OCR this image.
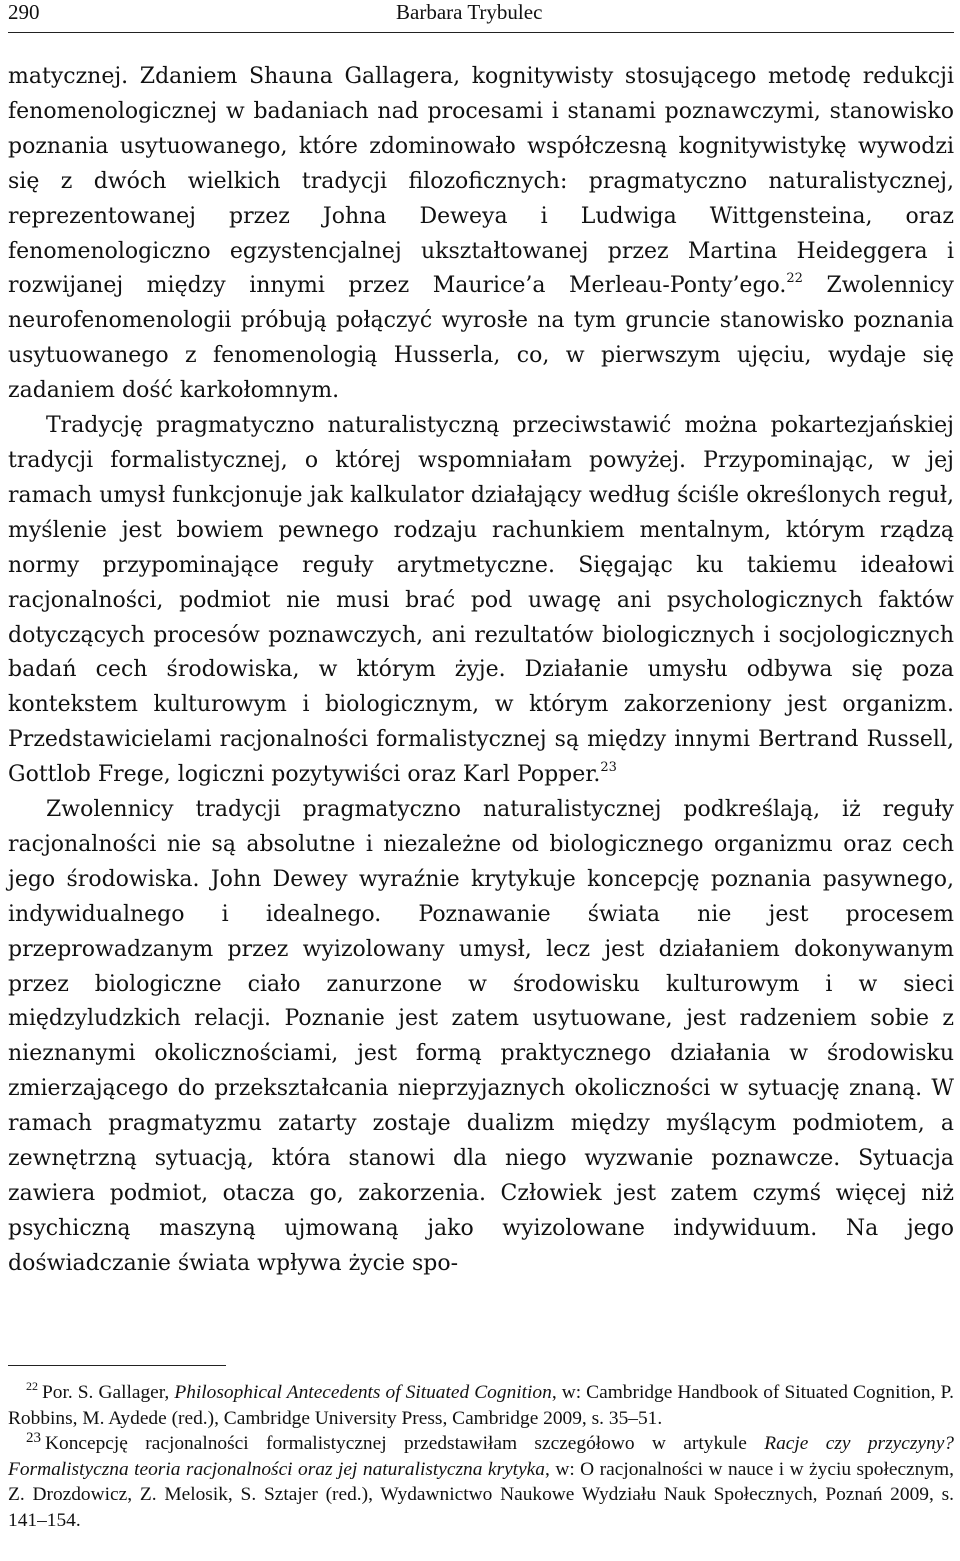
290	Barbara Trybulec

matycznej. Zdaniem Shauna Gallagera, kognitywisty stosującego metodę redukcji fenomenologicznej w badaniach nad procesami i stanami poznawczymi, stanowisko poznania usytuowanego, które zdominowało współczesną kognitywistykę wywodzi się z dwóch wielkich tradycji filozoficznych: pragmatyczno naturalistycznej, reprezentowanej przez Johna Deweya i Ludwiga Wittgensteina, oraz fenomenologiczno egzystencjalnej ukształtowanej przez Martina Heideggera i rozwijanej między innymi przez Maurice’a Merleau-Ponty’ego.$^{22}$ Zwolennicy neurofenomenologii próbują połączyć wyrosłe na tym gruncie stanowisko poznania usytuowanego z fenomenologią Husserla, co, w pierwszym ujęciu, wydaje się zadaniem dość karkołomnym.

Tradycję pragmatyczno naturalistyczną przeciwstawić można pokartezjańskiej tradycji formalistycznej, o której wspomniałam powyżej. Przypominając, w jej ramach umysł funkcjonuje jak kalkulator działający według ściśle określonych reguł, myślenie jest bowiem pewnego rodzaju rachunkiem mentalnym, którym rządzą normy przypominające reguły arytmetyczne. Sięgając ku takiemu ideałowi racjonalności, podmiot nie musi brać pod uwagę ani psychologicznych faktów dotyczących procesów poznawczych, ani rezultatów biologicznych i socjologicznych badań cech środowiska, w którym żyje. Działanie umysłu odbywa się poza kontekstem kulturowym i biologicznym, w którym zakorzeniony jest organizm. Przedstawicielami racjonalności formalistycznej są między innymi Bertrand Russell, Gottlob Frege, logiczni pozytywiści oraz Karl Popper.$^{23}$

Zwolennicy tradycji pragmatyczno naturalistycznej podkreślają, iż reguły racjonalności nie są absolutne i niezależne od biologicznego organizmu oraz cech jego środowiska. John Dewey wyraźnie krytykuje koncepcję poznania pasywnego, indywidualnego i idealnego. Poznawanie świata nie jest procesem przeprowadzanym przez wyizolowany umysł, lecz jest działaniem dokonywanym przez biologiczne ciało zanurzone w środowisku kulturowym i w sieci międzyludzkich relacji. Poznanie jest zatem usytuowane, jest radzeniem sobie z nieznanymi okolicznościami, jest formą praktycznego działania w środowisku zmierzającego do przekształcania nieprzyjaznych okoliczności w sytuację znaną. W ramach pragmatyzmu zatarty zostaje dualizm między myślącym podmiotem, a zewnętrzną sytuacją, która stanowi dla niego wyzwanie poznawcze. Sytuacja zawiera podmiot, otacza go, zakorzenia. Człowiek jest zatem czymś więcej niż psychiczną maszyną ujmowaną jako wyizolowane indywiduum. Na jego doświadczanie świata wpływa życie spo-

$^{22}$ Por. S. Gallager, Philosophical Antecedents of Situated Cognition, w: Cambridge Handbook of Situated Cognition, P. Robbins, M. Aydede (red.), Cambridge University Press, Cambridge 2009, s. 35–51.

$^{23}$ Koncepcję racjonalności formalistycznej przedstawiłam szczegółowo w artykule Racje czy przyczyny? Formalistyczna teoria racjonalności oraz jej naturalistyczna krytyka, w: O racjonalności w nauce i w życiu społecznym, Z. Drozdowicz, Z. Melosik, S. Sztajer (red.), Wydawnictwo Naukowe Wydziału Nauk Społecznych, Poznań 2009, s. 141–154.
